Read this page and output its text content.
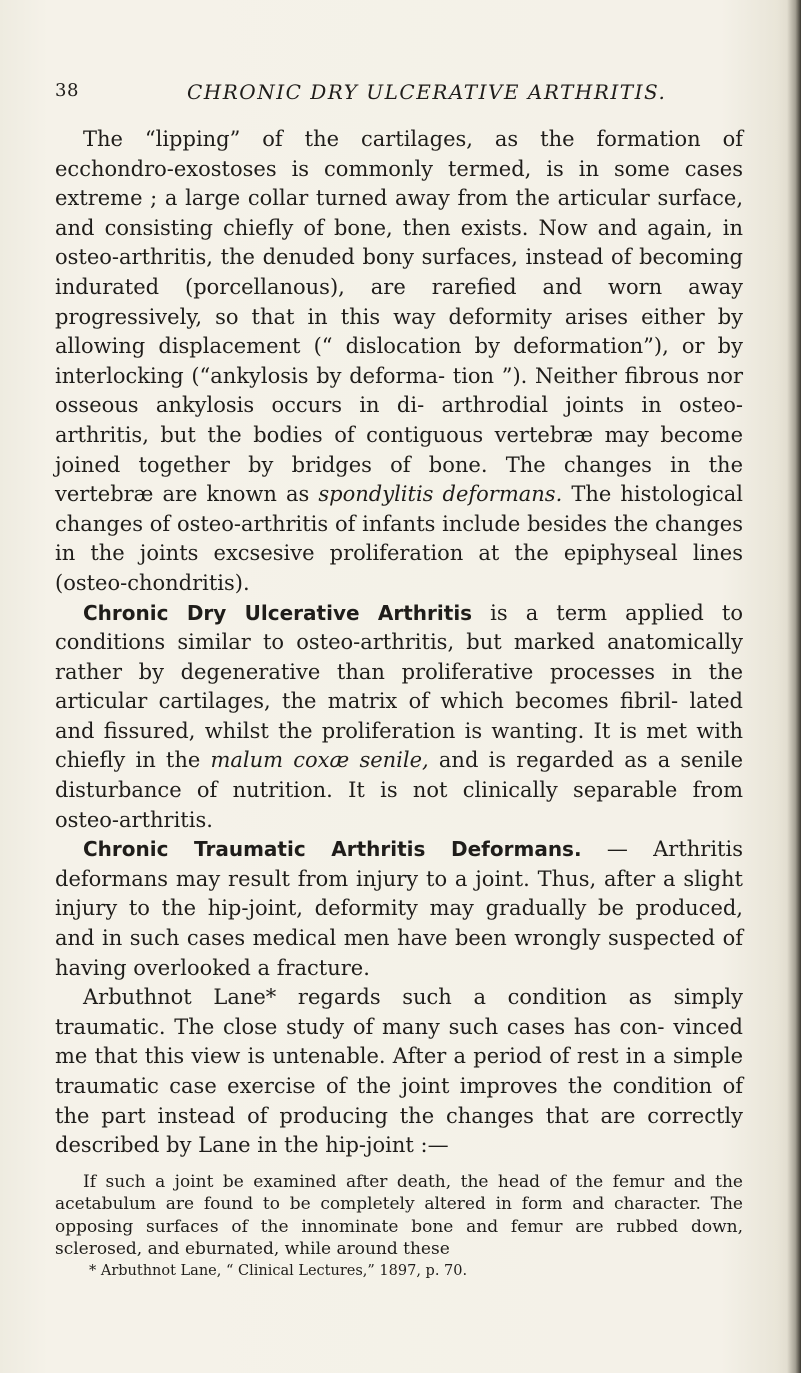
38	CHRONIC DRY ULCERATIVE ARTHRITIS.

The “lipping” of the cartilages, as the formation of ecchondro-exostoses is commonly termed, is in some cases extreme ; a large collar turned away from the articular surface, and consisting chiefly of bone, then exists. Now and again, in osteo-arthritis, the denuded bony surfaces, instead of becoming indurated (porcellanous), are rarefied and worn away progressively, so that in this way deformity arises either by allowing displacement (“ dislocation by deformation”), or by interlocking (“ankylosis by deforma- tion ”). Neither fibrous nor osseous ankylosis occurs in di- arthrodial joints in osteo-arthritis, but the bodies of contiguous vertebræ may become joined together by bridges of bone. The changes in the vertebræ are known as spondylitis deformans. The histological changes of osteo-arthritis of infants include besides the changes in the joints excsesive proliferation at the epiphyseal lines (osteo-chondritis).

Chronic Dry Ulcerative Arthritis is a term applied to conditions similar to osteo-arthritis, but marked anatomically rather by degenerative than proliferative processes in the articular cartilages, the matrix of which becomes fibril- lated and fissured, whilst the proliferation is wanting. It is met with chiefly in the malum coxæ senile, and is regarded as a senile disturbance of nutrition. It is not clinically separable from osteo-arthritis.

Chronic Traumatic Arthritis Deformans. — Arthritis deformans may result from injury to a joint. Thus, after a slight injury to the hip-joint, deformity may gradually be produced, and in such cases medical men have been wrongly suspected of having overlooked a fracture.

Arbuthnot Lane* regards such a condition as simply traumatic. The close study of many such cases has con- vinced me that this view is untenable. After a period of rest in a simple traumatic case exercise of the joint improves the condition of the part instead of producing the changes that are correctly described by Lane in the hip-joint :—

If such a joint be examined after death, the head of the femur and the acetabulum are found to be completely altered in form and character. The opposing surfaces of the innominate bone and femur are rubbed down, sclerosed, and eburnated, while around these

* Arbuthnot Lane, “ Clinical Lectures,” 1897, p. 70.
